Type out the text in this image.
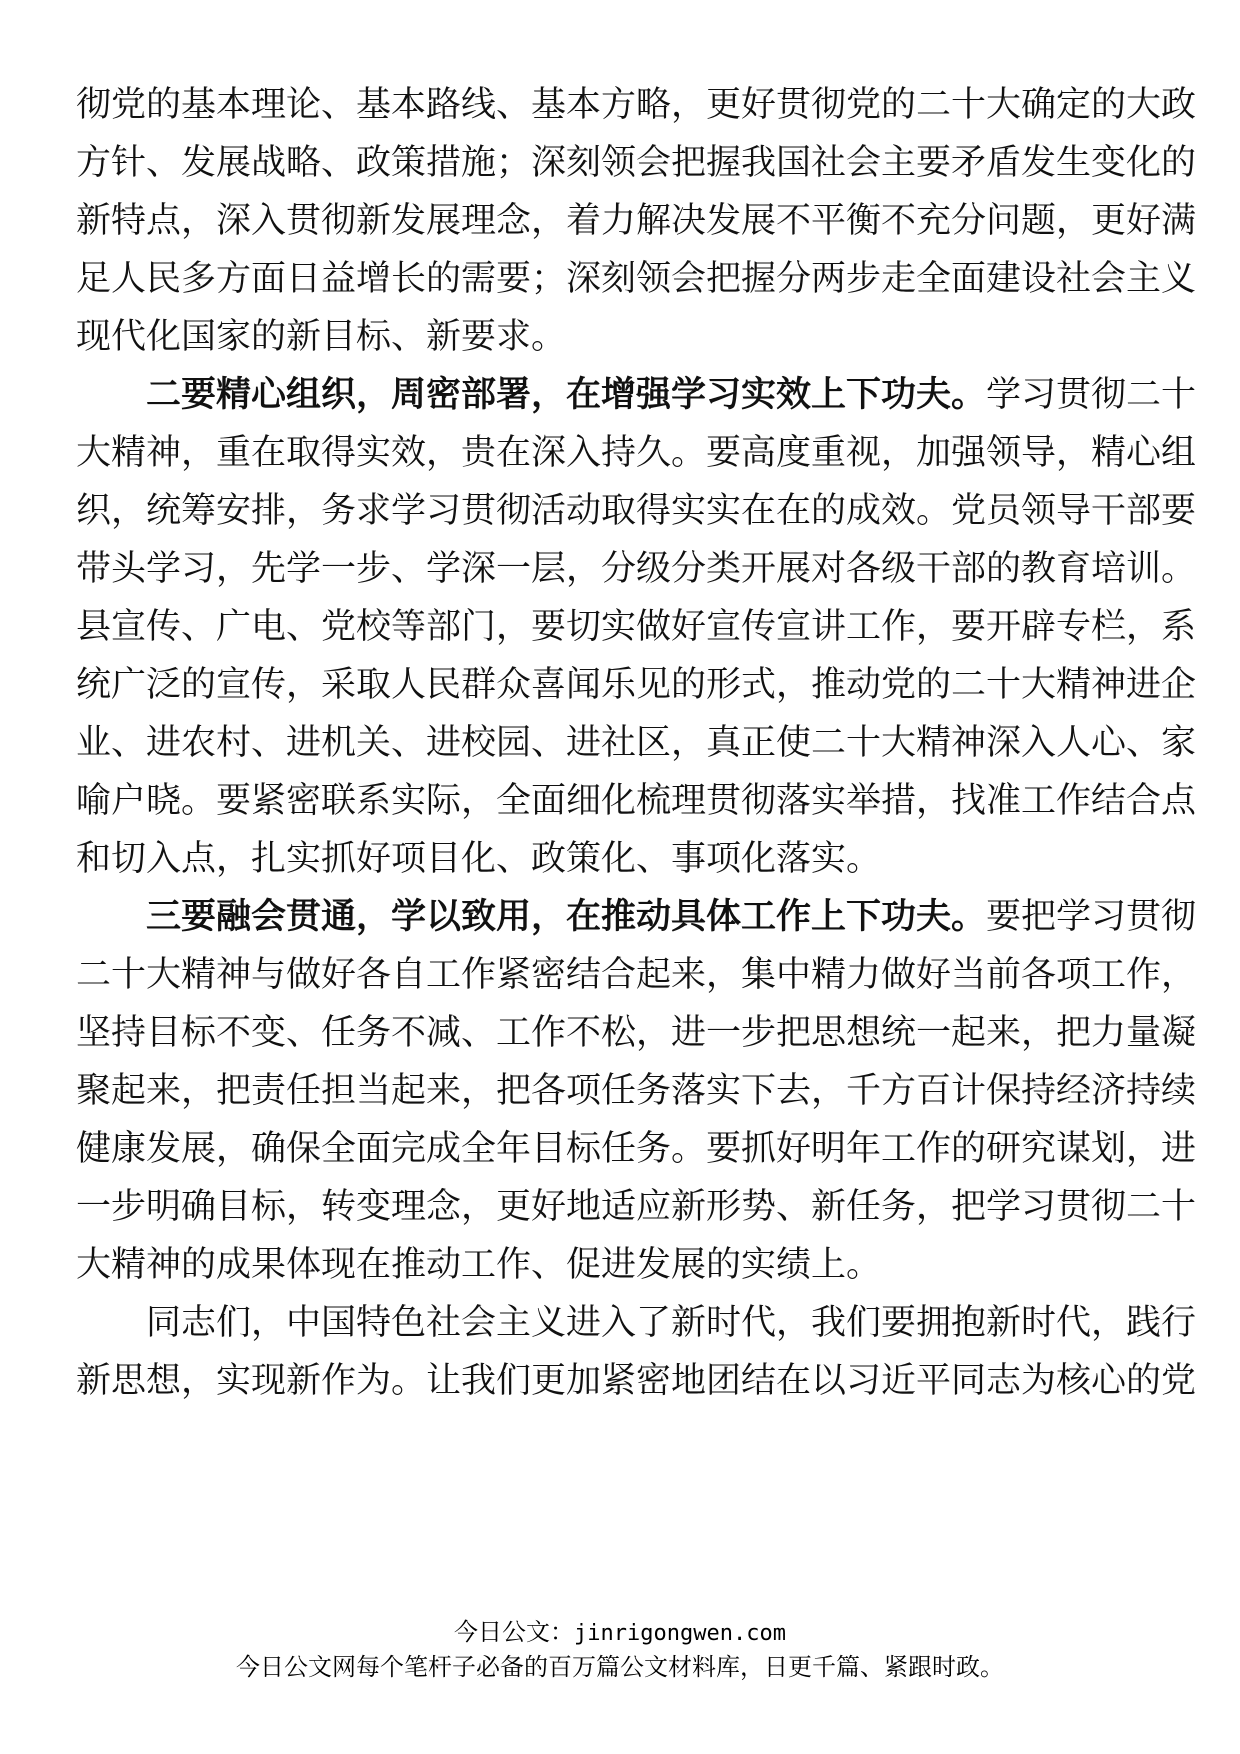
彻党的基本理论、基本路线、基本方略，更好贯彻党的二十大确定的大政
方针、发展战略、政策措施；深刻领会把握我国社会主要矛盾发生变化的
新特点，深入贯彻新发展理念，着力解决发展不平衡不充分问题，更好满
足人民多方面日益增长的需要；深刻领会把握分两步走全面建设社会主义
现代化国家的新目标、新要求。
二要精心组织，周密部署，在增强学习实效上下功夫。学习贯彻二十
大精神，重在取得实效，贵在深入持久。要高度重视，加强领导，精心组
织，统筹安排，务求学习贯彻活动取得实实在在的成效。党员领导干部要
带头学习，先学一步、学深一层，分级分类开展对各级干部的教育培训。
县宣传、广电、党校等部门，要切实做好宣传宣讲工作，要开辟专栏，系
统广泛的宣传，采取人民群众喜闻乐见的形式，推动党的二十大精神进企
业、进农村、进机关、进校园、进社区，真正使二十大精神深入人心、家
喻户晓。要紧密联系实际，全面细化梳理贯彻落实举措，找准工作结合点
和切入点，扎实抓好项目化、政策化、事项化落实。
三要融会贯通，学以致用，在推动具体工作上下功夫。要把学习贯彻
二十大精神与做好各自工作紧密结合起来，集中精力做好当前各项工作，
坚持目标不变、任务不减、工作不松，进一步把思想统一起来，把力量凝
聚起来，把责任担当起来，把各项任务落实下去，千方百计保持经济持续
健康发展，确保全面完成全年目标任务。要抓好明年工作的研究谋划，进
一步明确目标，转变理念，更好地适应新形势、新任务，把学习贯彻二十
大精神的成果体现在推动工作、促进发展的实绩上。
同志们，中国特色社会主义进入了新时代，我们要拥抱新时代，践行
新思想，实现新作为。让我们更加紧密地团结在以习近平同志为核心的党
今日公文：jinrigongwen.com
今日公文网每个笔杆子必备的百万篇公文材料库，日更千篇、紧跟时政。
